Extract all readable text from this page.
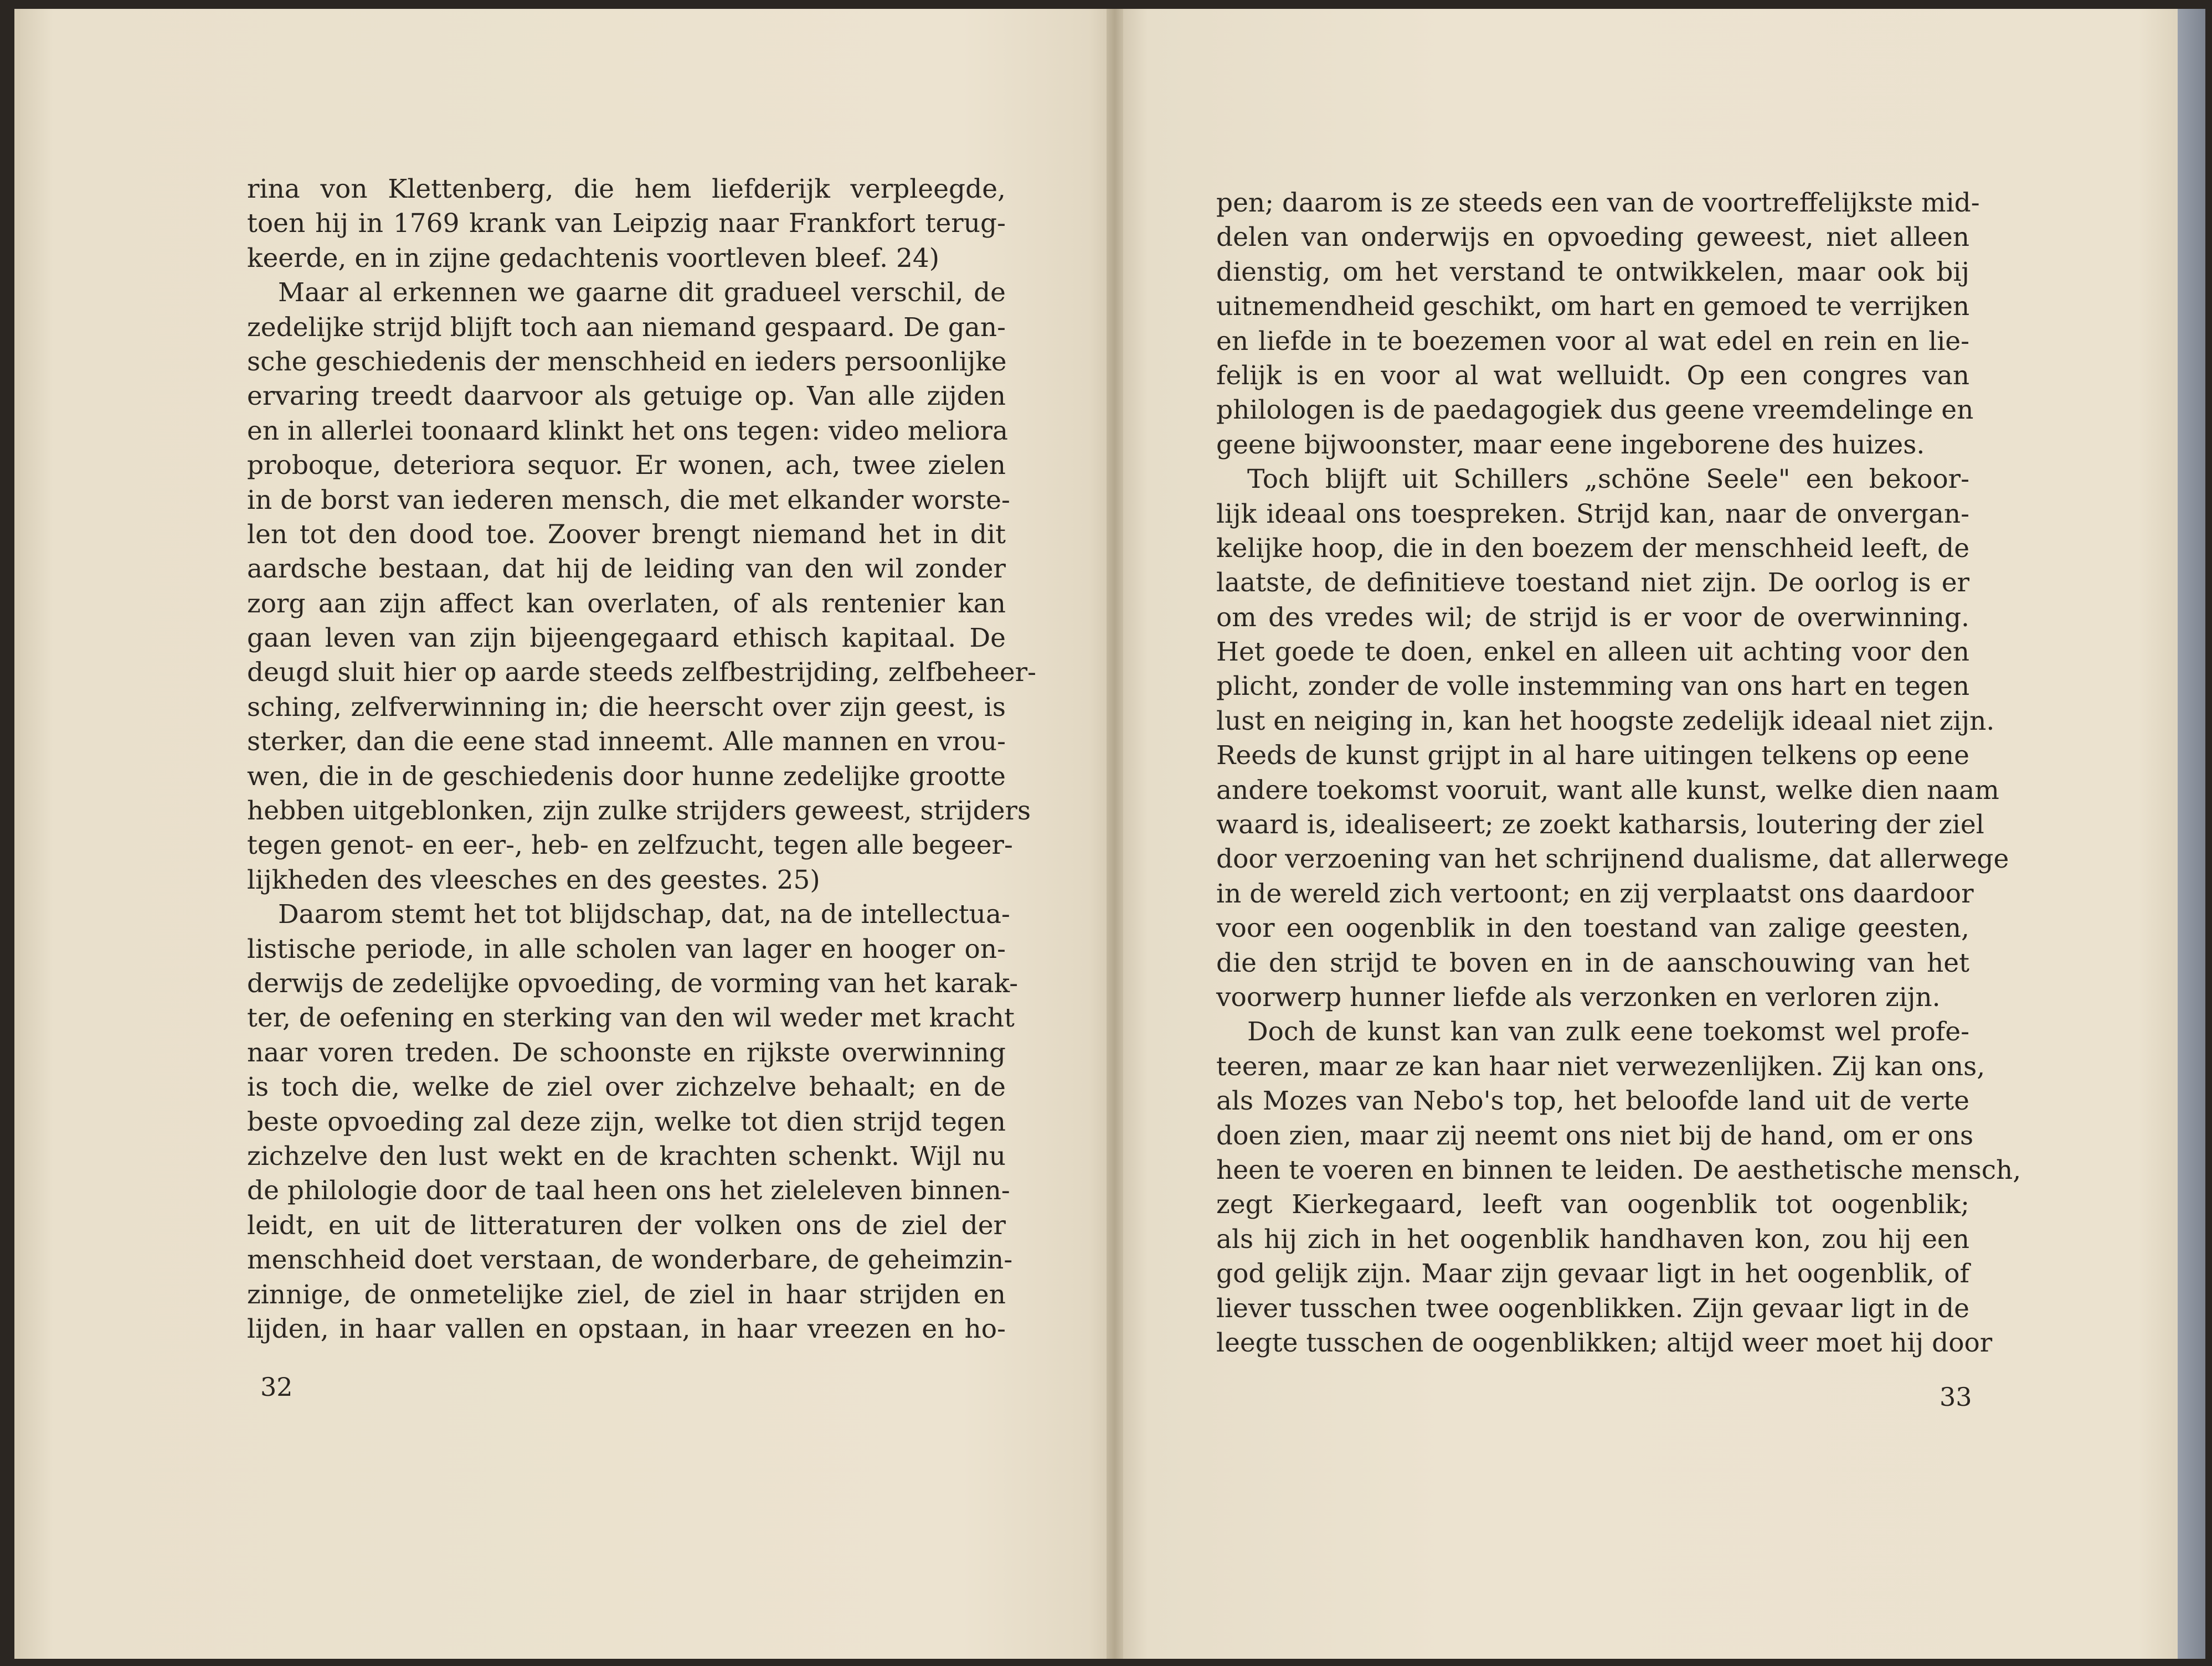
rina von Klettenberg, die hem liefderijk verpleegde,
toen hij in 1769 krank van Leipzig naar Frankfort terug-
keerde, en in zijne gedachtenis voortleven bleef. 24)
Maar al erkennen we gaarne dit gradueel verschil, de
zedelijke strijd blijft toch aan niemand gespaard. De gan-
sche geschiedenis der menschheid en ieders persoonlijke
ervaring treedt daarvoor als getuige op. Van alle zijden
en in allerlei toonaard klinkt het ons tegen: video meliora
proboque, deteriora sequor. Er wonen, ach, twee zielen
in de borst van iederen mensch, die met elkander worste-
len tot den dood toe. Zoover brengt niemand het in dit
aardsche bestaan, dat hij de leiding van den wil zonder
zorg aan zijn affect kan overlaten, of als rentenier kan
gaan leven van zijn bijeengegaard ethisch kapitaal. De
deugd sluit hier op aarde steeds zelfbestrijding, zelfbeheer-
sching, zelfverwinning in; die heerscht over zijn geest, is
sterker, dan die eene stad inneemt. Alle mannen en vrou-
wen, die in de geschiedenis door hunne zedelijke grootte
hebben uitgeblonken, zijn zulke strijders geweest, strijders
tegen genot- en eer-, heb- en zelfzucht, tegen alle begeer-
lijkheden des vleesches en des geestes. 25)
Daarom stemt het tot blijdschap, dat, na de intellectua-
listische periode, in alle scholen van lager en hooger on-
derwijs de zedelijke opvoeding, de vorming van het karak-
ter, de oefening en sterking van den wil weder met kracht
naar voren treden. De schoonste en rijkste overwinning
is toch die, welke de ziel over zichzelve behaalt; en de
beste opvoeding zal deze zijn, welke tot dien strijd tegen
zichzelve den lust wekt en de krachten schenkt. Wijl nu
de philologie door de taal heen ons het zieleleven binnen-
leidt, en uit de litteraturen der volken ons de ziel der
menschheid doet verstaan, de wonderbare, de geheimzin-
zinnige, de onmetelijke ziel, de ziel in haar strijden en
lijden, in haar vallen en opstaan, in haar vreezen en ho-
pen; daarom is ze steeds een van de voortreffelijkste mid-
delen van onderwijs en opvoeding geweest, niet alleen
dienstig, om het verstand te ontwikkelen, maar ook bij
uitnemendheid geschikt, om hart en gemoed te verrijken
en liefde in te boezemen voor al wat edel en rein en lie-
felijk is en voor al wat welluidt. Op een congres van
philologen is de paedagogiek dus geene vreemdelinge en
geene bijwoonster, maar eene ingeborene des huizes.
Toch blijft uit Schillers „schöne Seele" een bekoor-
lijk ideaal ons toespreken. Strijd kan, naar de onvergan-
kelijke hoop, die in den boezem der menschheid leeft, de
laatste, de definitieve toestand niet zijn. De oorlog is er
om des vredes wil; de strijd is er voor de overwinning.
Het goede te doen, enkel en alleen uit achting voor den
plicht, zonder de volle instemming van ons hart en tegen
lust en neiging in, kan het hoogste zedelijk ideaal niet zijn.
Reeds de kunst grijpt in al hare uitingen telkens op eene
andere toekomst vooruit, want alle kunst, welke dien naam
waard is, idealiseert; ze zoekt katharsis, loutering der ziel
door verzoening van het schrijnend dualisme, dat allerwege
in de wereld zich vertoont; en zij verplaatst ons daardoor
voor een oogenblik in den toestand van zalige geesten,
die den strijd te boven en in de aanschouwing van het
voorwerp hunner liefde als verzonken en verloren zijn.
Doch de kunst kan van zulk eene toekomst wel profe-
teeren, maar ze kan haar niet verwezenlijken. Zij kan ons,
als Mozes van Nebo's top, het beloofde land uit de verte
doen zien, maar zij neemt ons niet bij de hand, om er ons
heen te voeren en binnen te leiden. De aesthetische mensch,
zegt Kierkegaard, leeft van oogenblik tot oogenblik;
als hij zich in het oogenblik handhaven kon, zou hij een
god gelijk zijn. Maar zijn gevaar ligt in het oogenblik, of
liever tusschen twee oogenblikken. Zijn gevaar ligt in de
leegte tusschen de oogenblikken; altijd weer moet hij door
32	33
